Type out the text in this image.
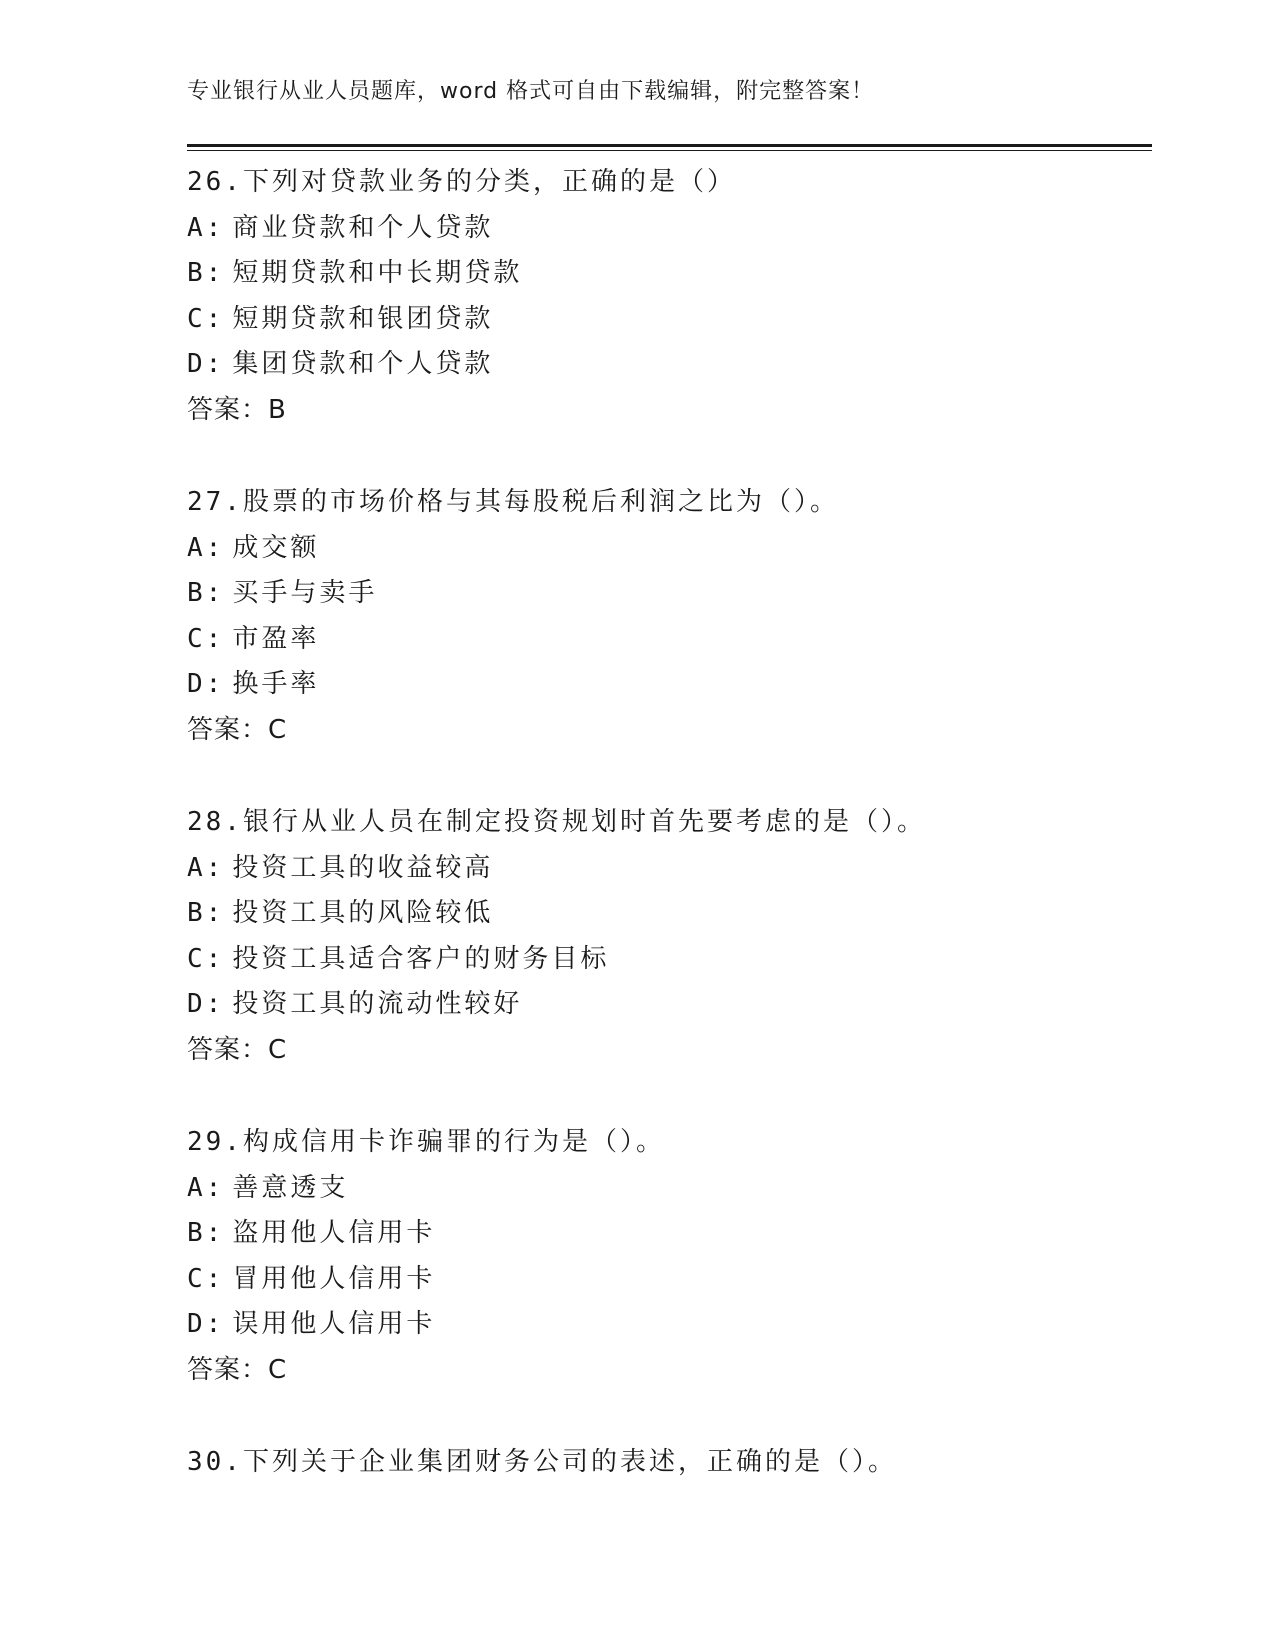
专业银行从业人员题库，word 格式可自由下载编辑，附完整答案！
26.下列对贷款业务的分类，正确的是（）
A: 商业贷款和个人贷款
B: 短期贷款和中长期贷款
C: 短期贷款和银团贷款
D: 集团贷款和个人贷款
答案：B
27.股票的市场价格与其每股税后利润之比为（）。
A: 成交额
B: 买手与卖手
C: 市盈率
D: 换手率
答案：C
28.银行从业人员在制定投资规划时首先要考虑的是（）。
A: 投资工具的收益较高
B: 投资工具的风险较低
C: 投资工具适合客户的财务目标
D: 投资工具的流动性较好
答案：C
29.构成信用卡诈骗罪的行为是（）。
A: 善意透支
B: 盗用他人信用卡
C: 冒用他人信用卡
D: 误用他人信用卡
答案：C
30.下列关于企业集团财务公司的表述，正确的是（）。
